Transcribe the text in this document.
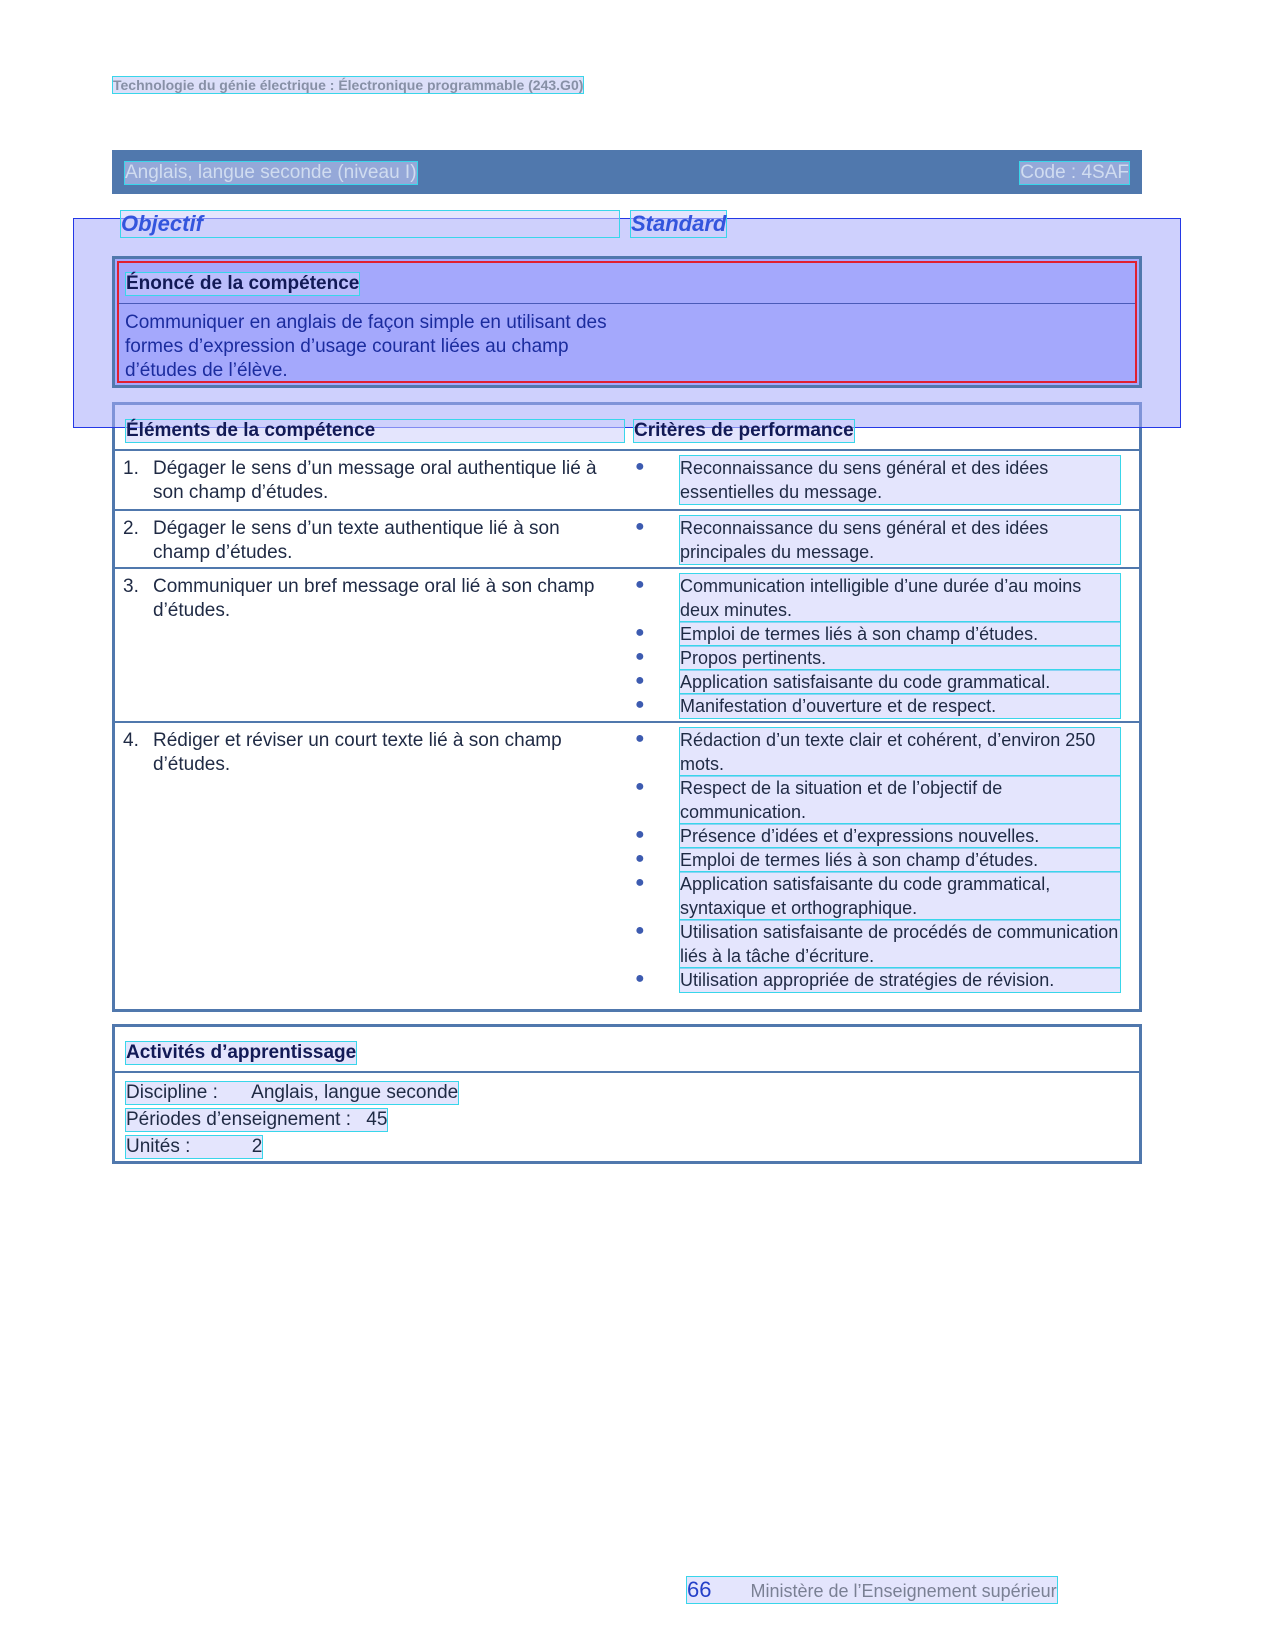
Technologie du génie électrique : Électronique programmable (243.G0)
Anglais, langue seconde (niveau I)	Code : 4SAF
Objectif	Standard
Énoncé de la compétence
Communiquer en anglais de façon simple en utilisant des formes d’expression d’usage courant liées au champ d’études de l’élève.
Éléments de la compétence	Critères de performance
1. Dégager le sens d’un message oral authentique lié à son champ d’études.
● Reconnaissance du sens général et des idées essentielles du message.
2. Dégager le sens d’un texte authentique lié à son champ d’études.
● Reconnaissance du sens général et des idées principales du message.
3. Communiquer un bref message oral lié à son champ d’études.
● Communication intelligible d’une durée d’au moins deux minutes.
● Emploi de termes liés à son champ d’études.
● Propos pertinents.
● Application satisfaisante du code grammatical.
● Manifestation d’ouverture et de respect.
4. Rédiger et réviser un court texte lié à son champ d’études.
● Rédaction d’un texte clair et cohérent, d’environ 250 mots.
● Respect de la situation et de l’objectif de communication.
● Présence d’idées et d’expressions nouvelles.
● Emploi de termes liés à son champ d’études.
● Application satisfaisante du code grammatical, syntaxique et orthographique.
● Utilisation satisfaisante de procédés de communication liés à la tâche d’écriture.
● Utilisation appropriée de stratégies de révision.
Activités d’apprentissage
Discipline : Anglais, langue seconde
Périodes d’enseignement : 45
Unités :	2
66 Ministère de l’Enseignement supérieur
